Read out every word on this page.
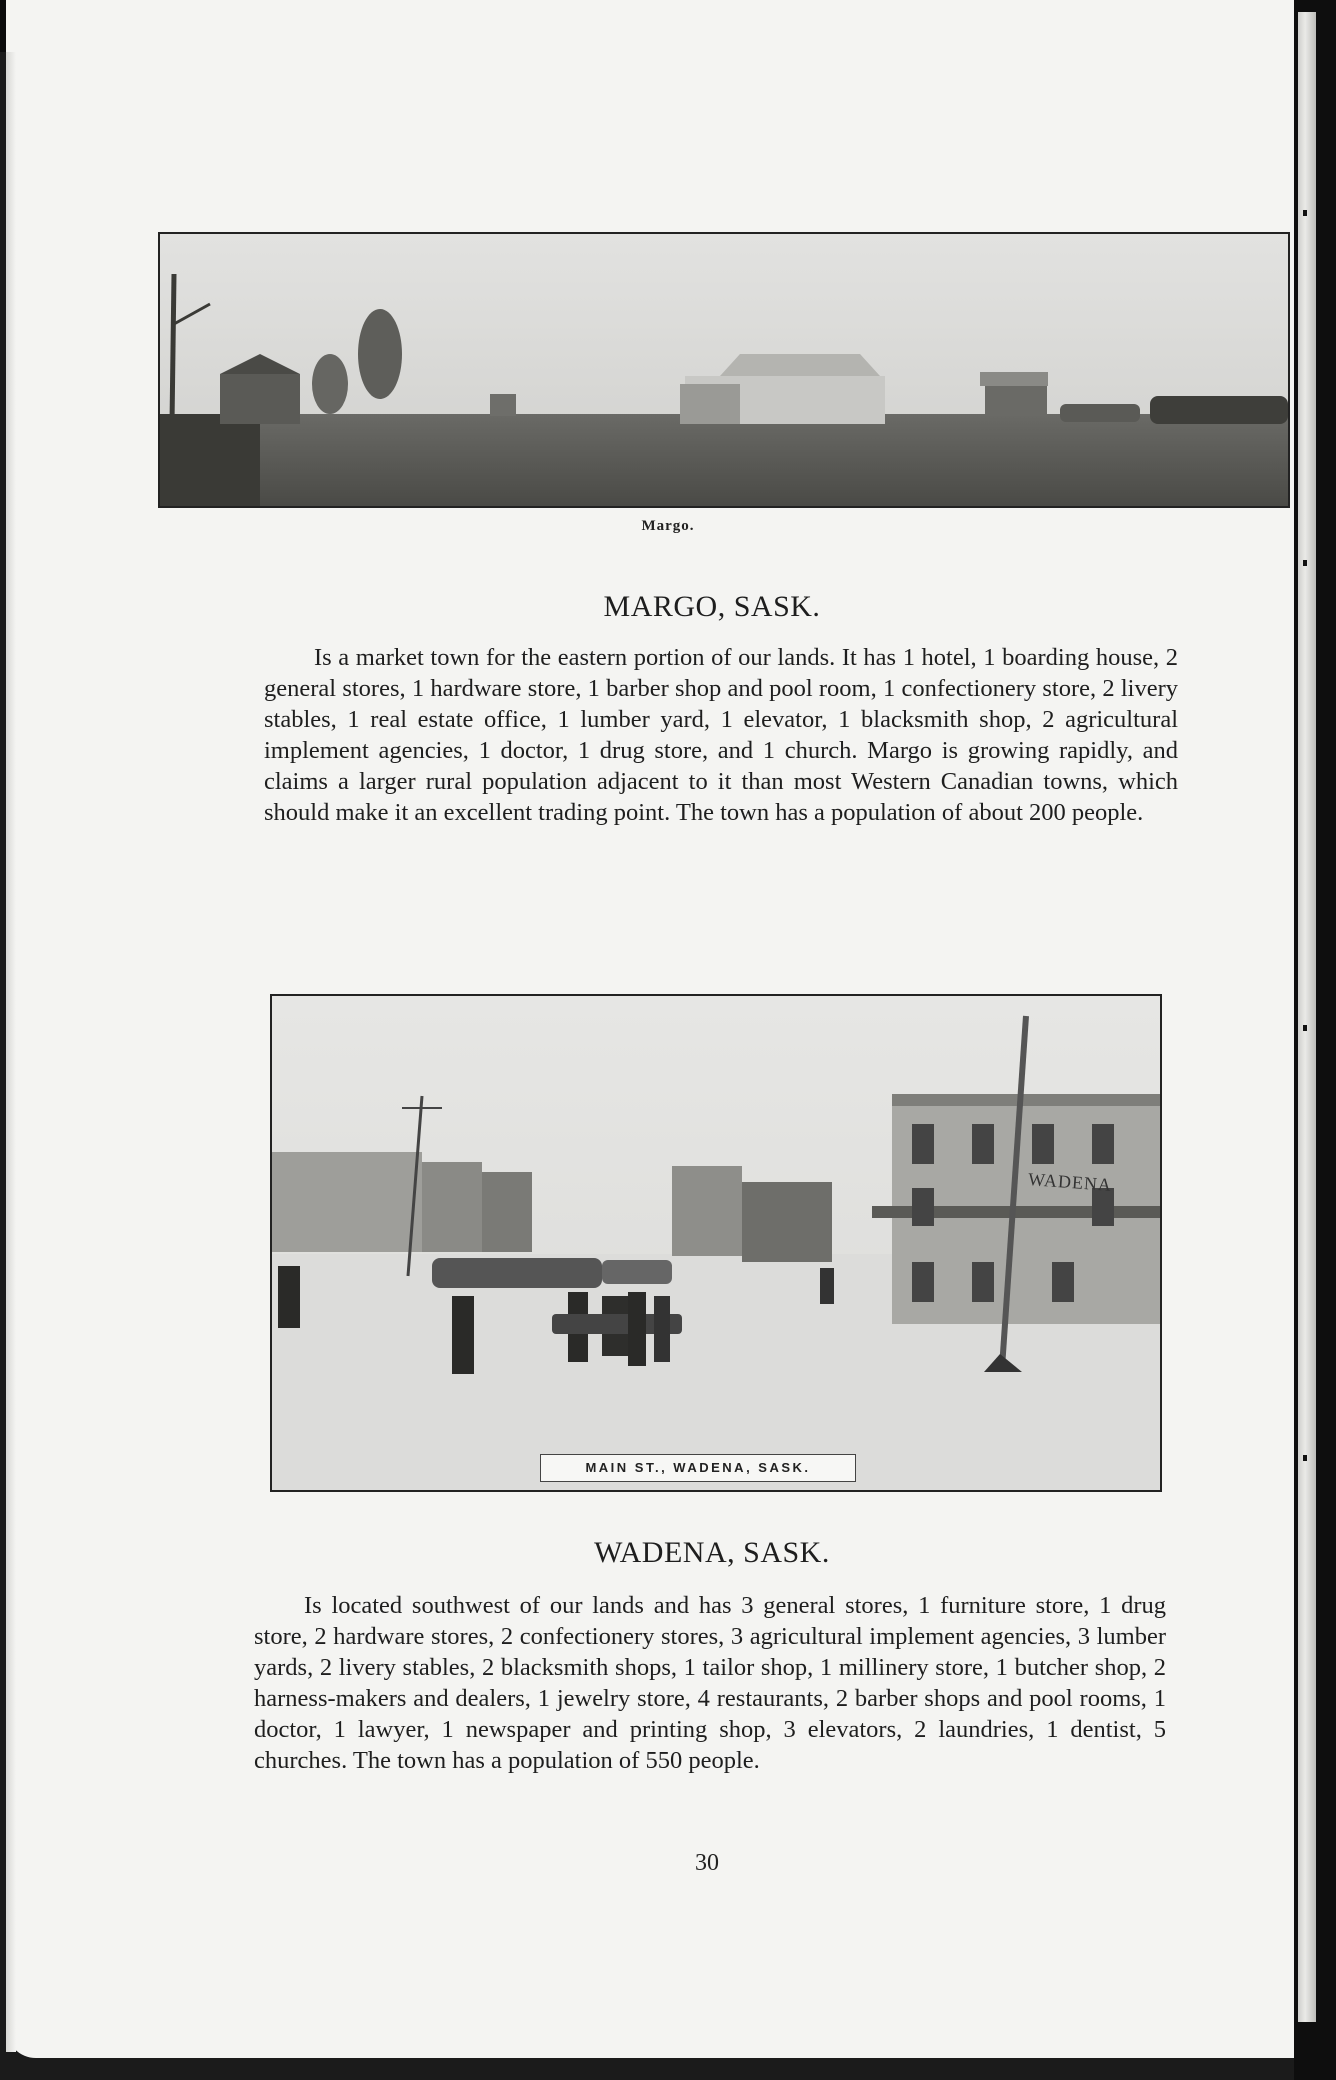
Margo.
MARGO, SASK.

Is a market town for the eastern portion of our lands. It has 1 hotel, 1 boarding house, 2 general stores, 1 hardware store, 1 barber shop and pool room, 1 confectionery store, 2 livery stables, 1 real estate office, 1 lumber yard, 1 elevator, 1 blacksmith shop, 2 agricultural implement agencies, 1 doctor, 1 drug store, and 1 church. Margo is growing rapidly, and claims a larger rural population adjacent to it than most Western Canadian towns, which should make it an excellent trading point. The town has a population of about 200 people.

WADENA
MAIN ST., WADENA, SASK.
WADENA, SASK.

Is located southwest of our lands and has 3 general stores, 1 furniture store, 1 drug store, 2 hardware stores, 2 confectionery stores, 3 agricultural implement agencies, 3 lumber yards, 2 livery stables, 2 blacksmith shops, 1 tailor shop, 1 millinery store, 1 butcher shop, 2 harness-makers and dealers, 1 jewelry store, 4 restaurants, 2 barber shops and pool rooms, 1 doctor, 1 lawyer, 1 newspaper and printing shop, 3 elevators, 2 laundries, 1 dentist, 5 churches. The town has a population of 550 people.

30
